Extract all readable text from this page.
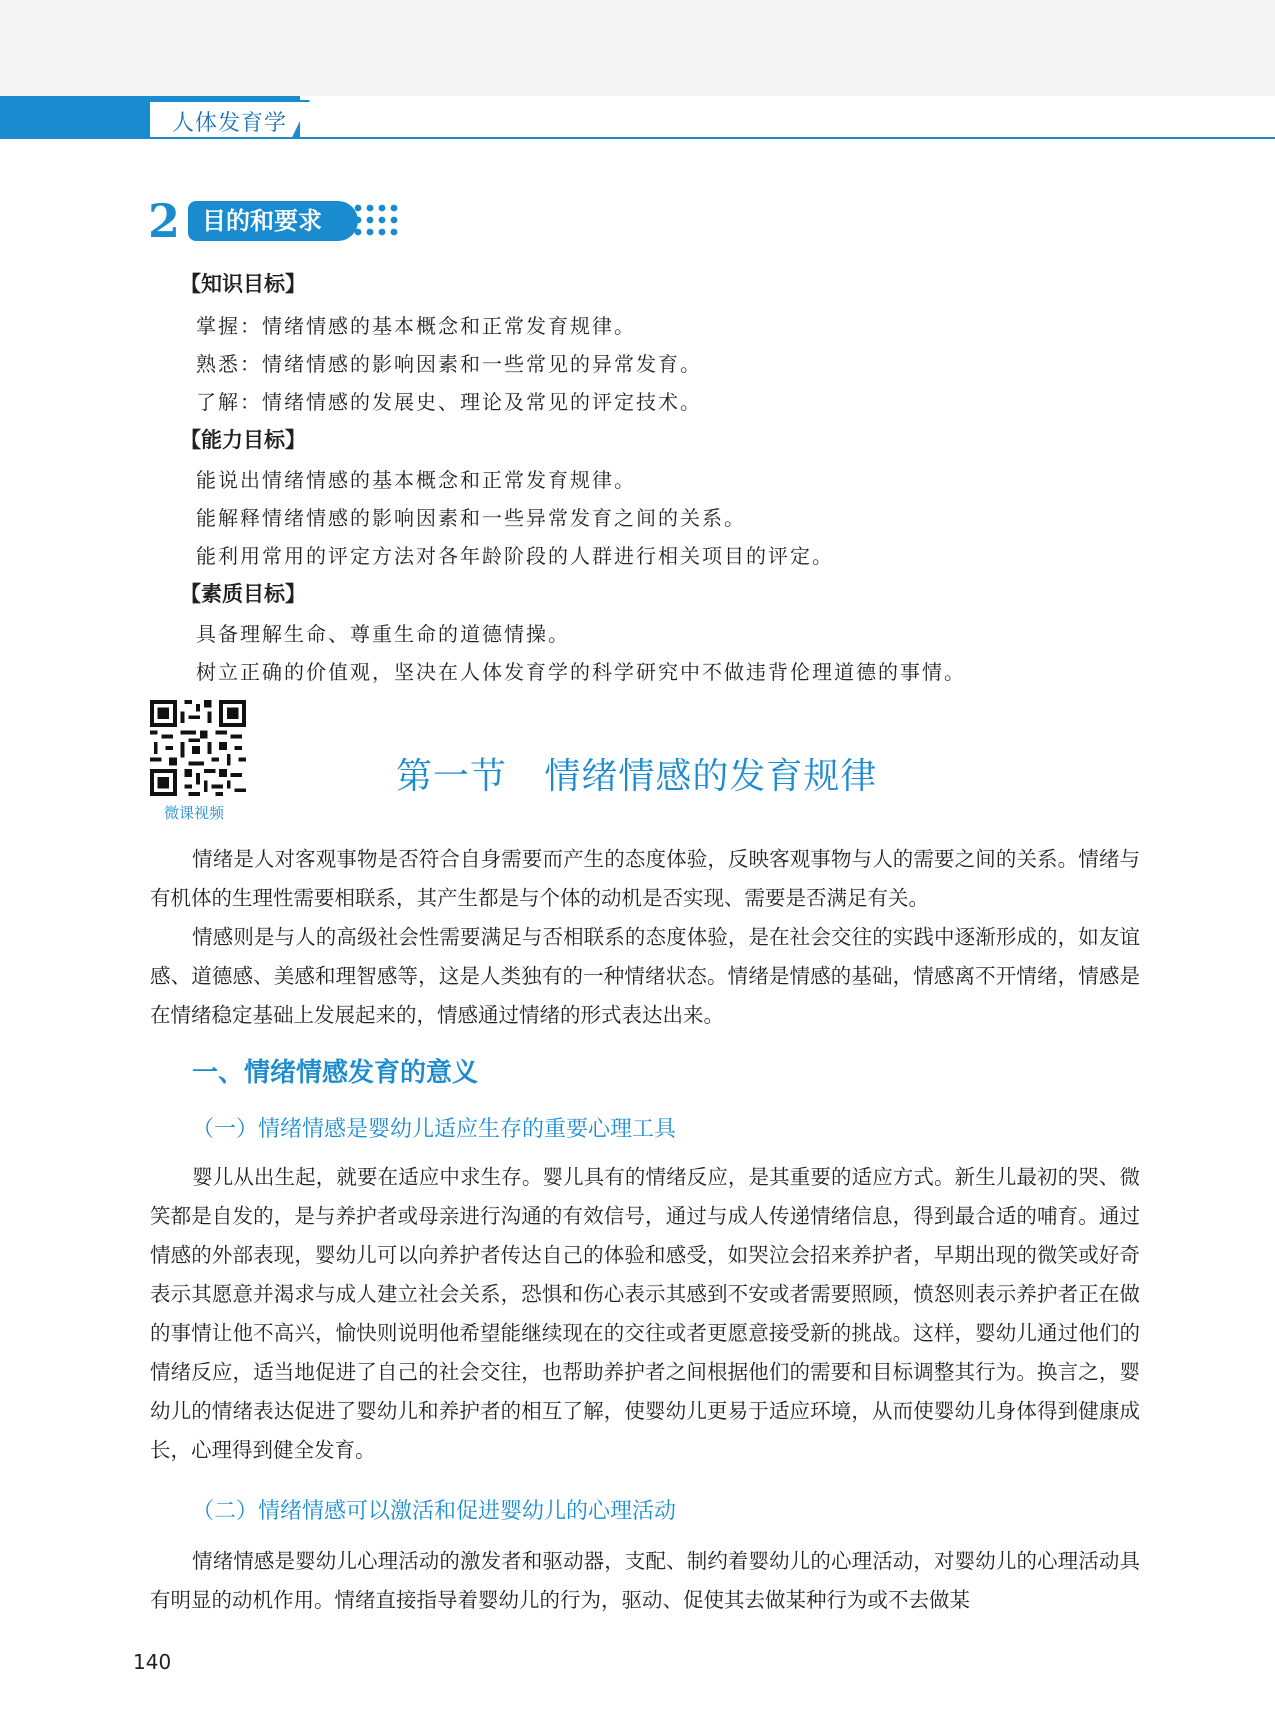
人体发育学
2 目的和要求
【知识目标】
掌握：情绪情感的基本概念和正常发育规律。
熟悉：情绪情感的影响因素和一些常见的异常发育。
了解：情绪情感的发展史、理论及常见的评定技术。
【能力目标】
能说出情绪情感的基本概念和正常发育规律。
能解释情绪情感的影响因素和一些异常发育之间的关系。
能利用常用的评定方法对各年龄阶段的人群进行相关项目的评定。
【素质目标】
具备理解生命、尊重生命的道德情操。
树立正确的价值观，坚决在人体发育学的科学研究中不做违背伦理道德的事情。
微课视频
第一节   情绪情感的发育规律
情绪是人对客观事物是否符合自身需要而产生的态度体验，反映客观事物与人的需要之间的关系。情绪与有机体的生理性需要相联系，其产生都是与个体的动机是否实现、需要是否满足有关。
情感则是与人的高级社会性需要满足与否相联系的态度体验，是在社会交往的实践中逐渐形成的，如友谊感、道德感、美感和理智感等，这是人类独有的一种情绪状态。情绪是情感的基础，情感离不开情绪，情感是在情绪稳定基础上发展起来的，情感通过情绪的形式表达出来。
一、情绪情感发育的意义
（一）情绪情感是婴幼儿适应生存的重要心理工具
婴儿从出生起，就要在适应中求生存。婴儿具有的情绪反应，是其重要的适应方式。新生儿最初的哭、微笑都是自发的，是与养护者或母亲进行沟通的有效信号，通过与成人传递情绪信息，得到最合适的哺育。通过情感的外部表现，婴幼儿可以向养护者传达自己的体验和感受，如哭泣会招来养护者，早期出现的微笑或好奇表示其愿意并渴求与成人建立社会关系，恐惧和伤心表示其感到不安或者需要照顾，愤怒则表示养护者正在做的事情让他不高兴，愉快则说明他希望能继续现在的交往或者更愿意接受新的挑战。这样，婴幼儿通过他们的情绪反应，适当地促进了自己的社会交往，也帮助养护者之间根据他们的需要和目标调整其行为。换言之，婴幼儿的情绪表达促进了婴幼儿和养护者的相互了解，使婴幼儿更易于适应环境，从而使婴幼儿身体得到健康成长，心理得到健全发育。
（二）情绪情感可以激活和促进婴幼儿的心理活动
情绪情感是婴幼儿心理活动的激发者和驱动器，支配、制约着婴幼儿的心理活动，对婴幼儿的心理活动具有明显的动机作用。情绪直接指导着婴幼儿的行为，驱动、促使其去做某种行为或不去做某
140
